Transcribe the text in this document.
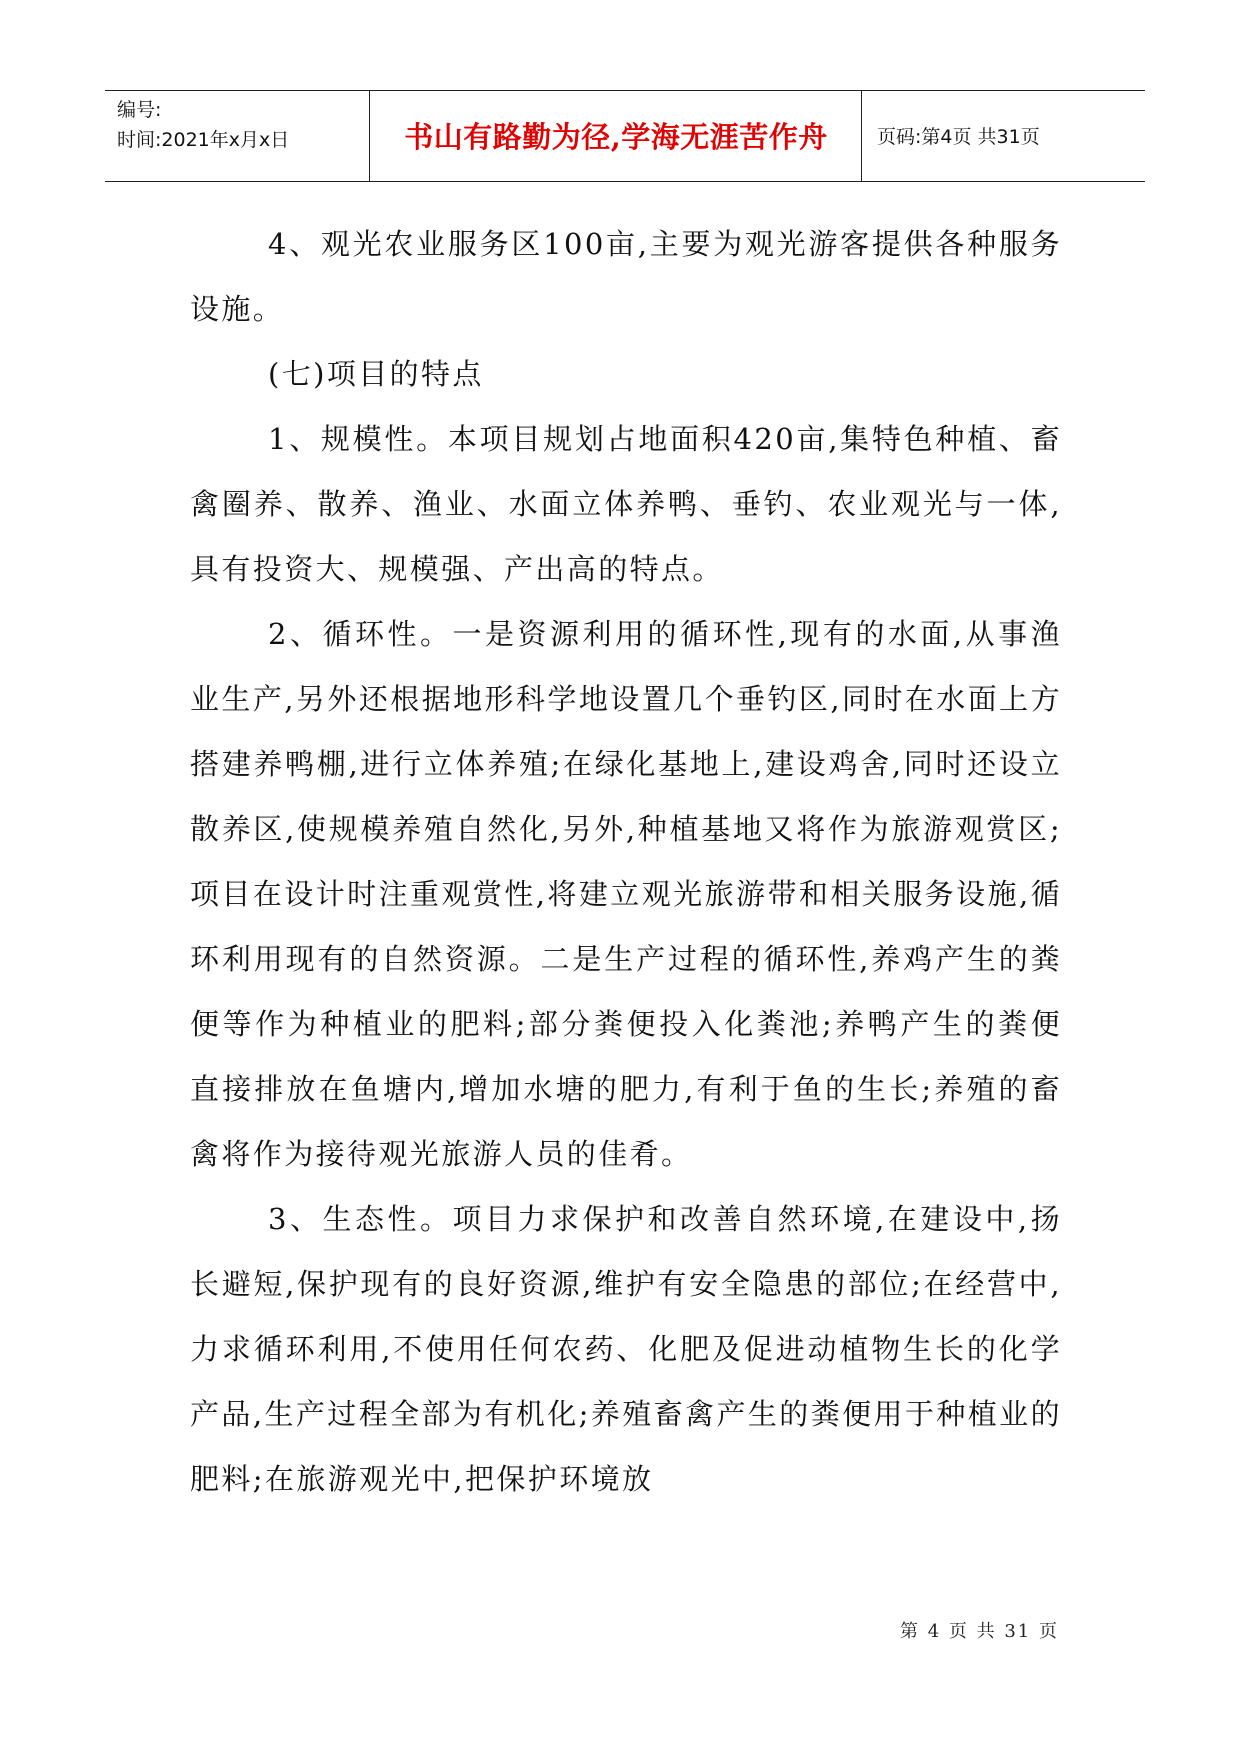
编号:
时间:2021年x月x日	书山有路勤为径,学海无涯苦作舟	页码:第4页 共31页

4、观光农业服务区100亩,主要为观光游客提供各种服务设施。

(七)项目的特点

1、规模性。本项目规划占地面积420亩,集特色种植、畜禽圈养、散养、渔业、水面立体养鸭、垂钓、农业观光与一体,具有投资大、规模强、产出高的特点。

2、循环性。一是资源利用的循环性,现有的水面,从事渔业生产,另外还根据地形科学地设置几个垂钓区,同时在水面上方搭建养鸭棚,进行立体养殖;在绿化基地上,建设鸡舍,同时还设立散养区,使规模养殖自然化,另外,种植基地又将作为旅游观赏区;项目在设计时注重观赏性,将建立观光旅游带和相关服务设施,循环利用现有的自然资源。二是生产过程的循环性,养鸡产生的粪便等作为种植业的肥料;部分粪便投入化粪池;养鸭产生的粪便直接排放在鱼塘内,增加水塘的肥力,有利于鱼的生长;养殖的畜禽将作为接待观光旅游人员的佳肴。

3、生态性。项目力求保护和改善自然环境,在建设中,扬长避短,保护现有的良好资源,维护有安全隐患的部位;在经营中,力求循环利用,不使用任何农药、化肥及促进动植物生长的化学产品,生产过程全部为有机化;养殖畜禽产生的粪便用于种植业的肥料;在旅游观光中,把保护环境放

第 4 页 共 31 页
